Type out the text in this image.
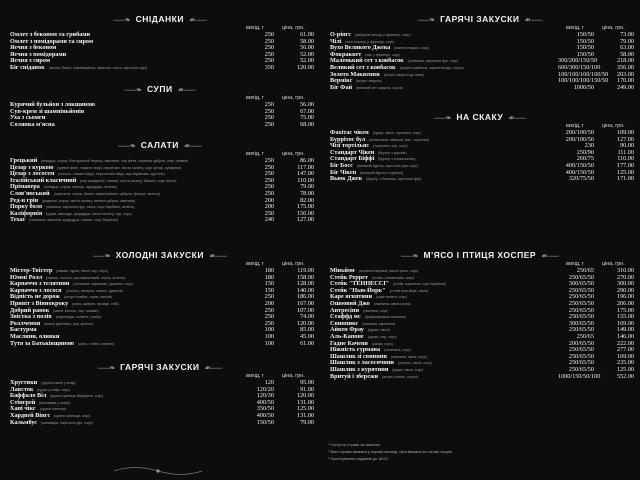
⸺❧ СНІДАНКИ ☙⸺
вихід, г	ціна, грн.
Омлет з беконом та грибами	250	61.00
Омлет з помідорами та сиром	250	58.00
Яєчня з беконом	250	56.00
Яєчня з помідорами	250	52.00
Яєчня з сиром	250	52.00
Біг сніданок (яєчня, бекон, шампіньйони, квасоля, тости, картопля фрі)	350	120.00
⸺❧ СУПИ ☙⸺
вихід, г	ціна, грн.
Курячий бульйон з локшиною	250	56.00
Суп-крем зі шампіньйонів	250	67.00
Уха з сьомги	250	75.00
Солянка м'ясна	250	68.00
⸺❧ САЛАТИ ☙⸺
вихід, г	ціна, грн.
Грецький (помідор, огірок, болгарський перець, маслини, сир фета, червона цибуля, олія, оливки)	250	86.00
Цезар з куркою (куряче філе, томати черрі, пармезан, листя салату, соус цезар, сухарики)	250	117.00
Цезар з лососем (лосось, томати черрі, перепелині яйця, сир пармезан, крутони)	250	147.00
Італійський класичний (сир моцарела, томати, листя салату, базилік, соус песто)	250	110.00
Прімавера (помідор, огірок, перець, кукурудза, зелень)	250	79.00
Слов'янський (картопля, огірок, бекон, шампіньйони, цибуля, гірчиця, зелень)	250	78.00
Ред-н грін (редиска, огірок, листя салату, зелена цибуля, сметана)	200	82.00
Порку боло (свинина, картопля фрі, овочі, соус барбекю, зелень)	200	175.00
Каліфорнія (курка, авокадо, кукурудза, листя салату, сир, соус)	250	156.00
Техас (телятина, квасоля, кукурудза, томати, соус барбекю)	240	127.00
⸺❧ ХОЛОДНІ ЗАКУСКИ ☙⸺
вихід, г	ціна, грн.
Містер-Твістер (лаваш, курка, овочі, сир, соус)	180	119.00
Юммі Ролл (лаваш, лосось, сир вершковий, огірок, зелень)	180	158.00
Карпаччо з телятини (телятина, пармезан, руккола, соус)	150	128.00
Карпаччо з лосося (лосось, каперси, лимон, руккола)	150	140.00
Відпість не дорож (асорті ковбас, сирів, овочів)	250	186.00
Привіт з Віннокроку (сало, цибуля, гірчиця, хліб)	200	167.00
Добрий ранок (овочі, зелень, сир, оливки)	250	107.00
Зністкa з полів (маринади, соління, гриби)	250	74.00
Роллчевни (м'ясні рулетики, сир, зелень)	250	120.00
Бастурма	100	85.00
Маслини, оливки	100	45.00
Тутя за Батьківщиною (сало, хлібні, соління)	100	61.00
⸺❧ ГАРЯЧІ ЗАКУСКИ ☙⸺
вихід, г	ціна, грн.
Хрустики (хрусткі овочі у клярі)	120	95.00
Лавсток (курка у клярі, соус)	120/20	91.00
Баффало Віл (курячі крильця баффало, соус)	120/30	120.00
Стінгрей (кальмари у клярі)	400/50	131.00
Хапі чікс (курячі нагетси)	350/50	125.00
Хардвей Вінгс (курячі крильця, соус)	400/50	131.00
Кальмбус (кальмари, картопля фрі, соус)	150/50	79.00
⸺❧ ГАРЯЧІ ЗАКУСКИ ☙⸺
вихід, г	ціна, грн.
О-рінгс (цибулеві кільця у фритюрі, соус)	150/50	73.00
Чілі (чилі-перець у фритюрі, соус)	150/50	79.00
Вухо Великого Джека (свинячі вушка, соус)	150/50	63.00
Фокраккет (сир у фритюрі, соус)	150/50	58.00
Маленький сет з ковбасок (ковбаски, картопля фрі, соус)	300/200/150/50	218.00
Великий сет з ковбасок (асорті ковбасок, картопля фрі, соуси)	600/300/150/100	356.00
Золото Маквенни (асорті закусок до пива)	100/100/100/100/50	203.00
Вермікс (асорті закусок)	100/100/100/150/50	170.00
Біг Фай (великий сет закусок, соуси)	1000/50	249.00
⸺❧ НА СКАКУ ☙⸺
вихід, г	ціна, грн.
Фахітас чікен (курка, овочі, тортилья, соус)	200/100/50	109.00
Буррітос бул (яловичина, квасоля, рис, тортилья)	200/100/50	127.00
Чізі тортільяс (тортилья, сир, соус)	230	90.00
Стандарт Чікен (бургер з куркою)	250/90	111.00
Стандарт Біффі (бургер з яловичиною)	260/75	110.00
Біг Босс (великий бургер, картопля фрі, соус)	400/150/50	177.00
Біг Чікен (великий бургер з куркою)	400/150/50	125.00
Вьюк Джек (бургер з беконом, картопля фрі)	320/75/50	171.00
⸺❧ М'ЯСО І ПТИЦЯ ХОСПЕР ☙⸺
вихід, г	ціна, грн.
Міньйон (яловича вирізка, овочі гриль, соус)	250/65	310.00
Стейк Реррет (стейк з яловичини, соус)	250/65/50	270.00
Стейк "ТЕННЕССІ" (стейк, картопля, соус барбекю)	300/65/50	300.00
Стейк "Нью-Йорк" (стейк нью-йорк, овочі)	250/65/50	290.00
Каре ягнятини (каре ягняти, соус)	250/65/50	196.00
Ошоовий Джо (свинина, овочі гриль)	250/65/50	206.00
Антресіни (свинина, соус)	250/65/50	175.00
Стаффд мс (фарширована свинина)	250/65/50	155.00
Свинникс (свинина, картопля)	300/65/50	169.00
Айвен Фрау (курка, овочі)	250/65/50	149.00
Аль-Капоне (курка, сир, соус)	250/65	146.00
Гадне Каченя (качка, соус)	200/65/50	222.00
Ніжність гурмана (телятина, соус)	250/65/50	277.00
Шашлик зі свинини (свинина, овочі, соус)	250/65/50	169.00
Шашлик з ласосячини (лосось, овочі, соус)	250/65/50	235.00
Шашлик з курятини (курка, овочі, соус)	250/65/50	125.00
Вритуй і збережи (асорті м'ясне, соуси)	1000/150/50/100	552.00
* Гострота страви за запитом.
* Вага страви вказана у сирому вигляді, ціна вказана за готову порцію.
* Приготування сніданків до 16:00.
